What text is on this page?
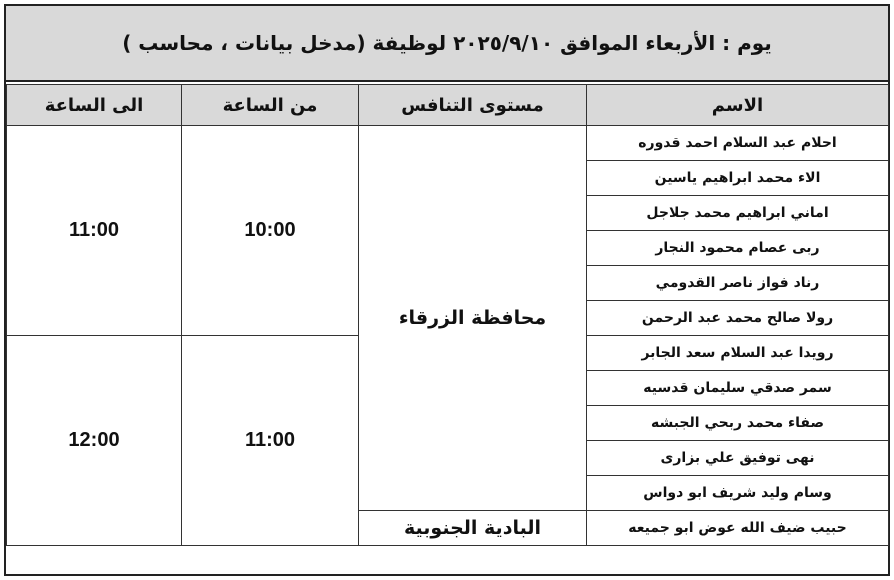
يوم : الأربعاء الموافق ٢٠٢٥/٩/١٠ لوظيفة (مدخل بيانات ، محاسب )
الاسم	مستوى التنافس	من الساعة	الى الساعة
احلام عبد السلام احمد قدوره	محافظة الزرقاء	10:00	11:00
الاء محمد ابراهيم ياسين			
اماني ابراهيم محمد جلاجل			
ربى عصام محمود النجار			
رناد فواز ناصر القدومي			
رولا صالح محمد عبد الرحمن			
رويدا عبد السلام سعد الجابر		11:00	12:00
سمر صدقي سليمان قدسيه			
صفاء محمد ربحي الجبشه			
نهى توفيق علي بزارى			
وسام وليد شريف ابو دواس			
حبيب ضيف الله عوض ابو جميعه	البادية الجنوبية		
